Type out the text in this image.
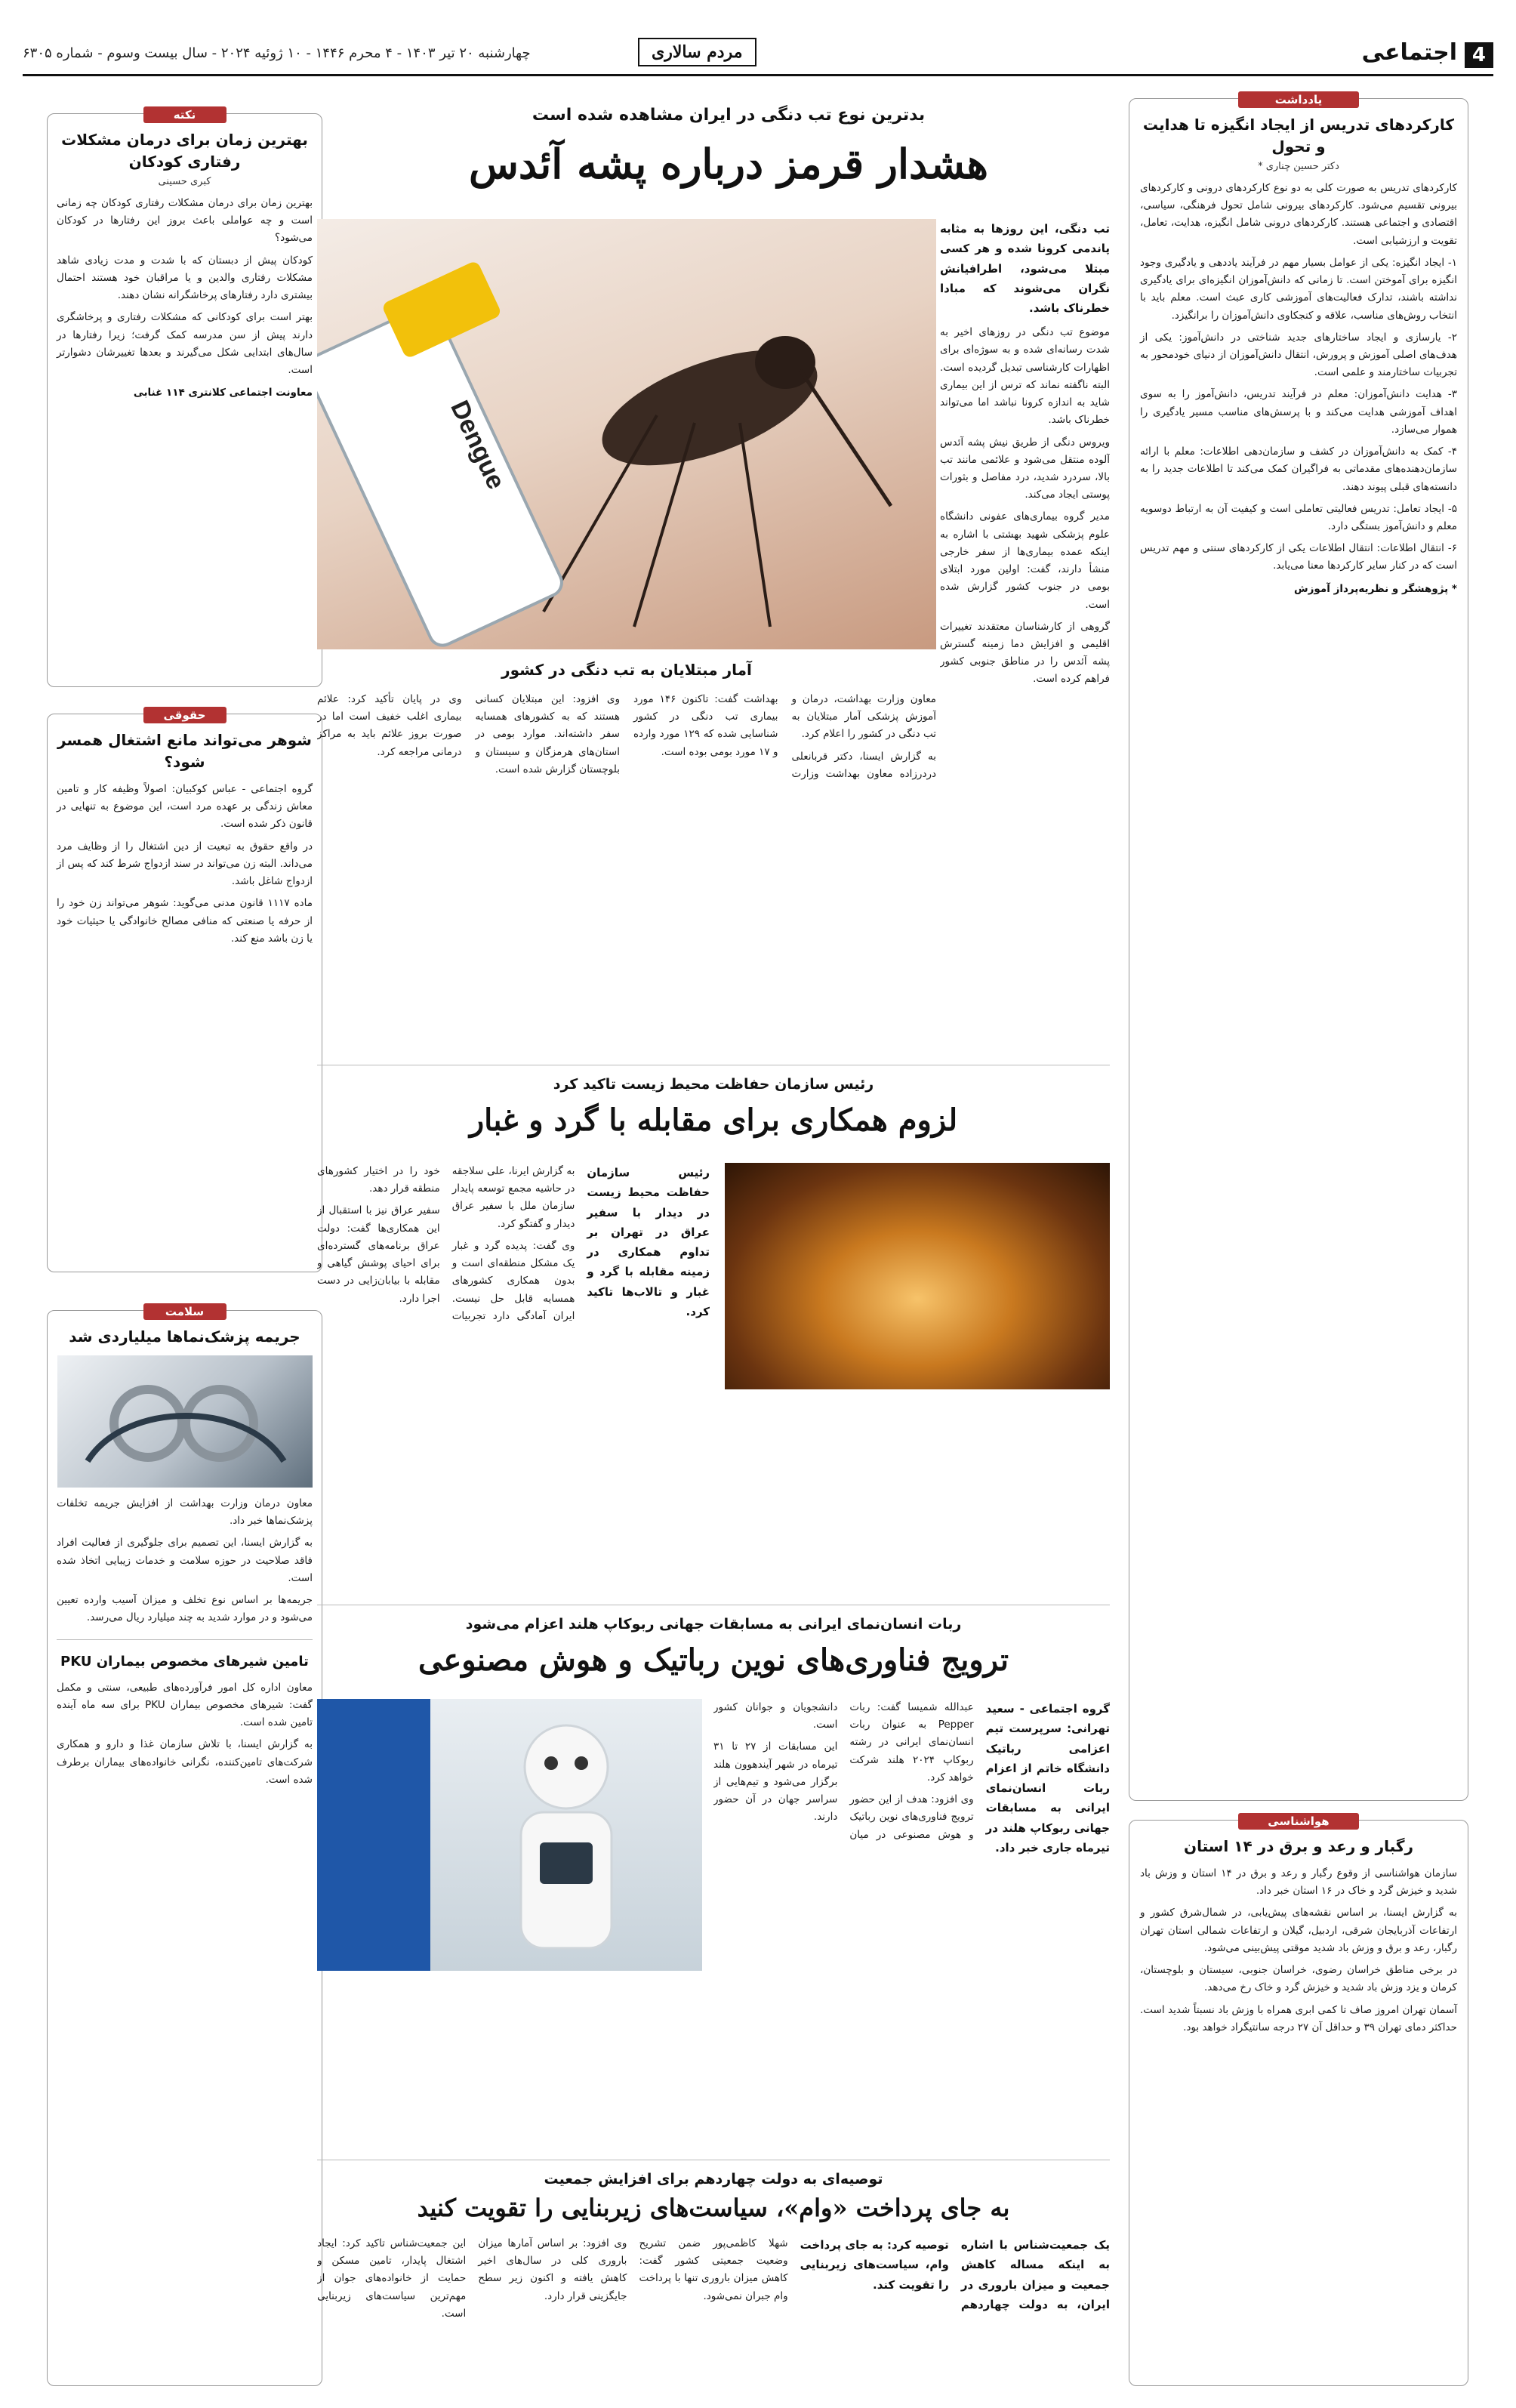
4
اجتماعی
مردم سالاری
چهارشنبه ۲۰ تیر ۱۴۰۳ - ۴ محرم ۱۴۴۶ - ۱۰ ژوئیه ۲۰۲۴ - سال بیست وسوم - شماره ۶۳۰۵
یادداشت
کارکردهای تدریس از ایجاد انگیزه تا هدایت و تحول
دکتر حسین چناری *
کارکردهای تدریس به صورت کلی به دو نوع کارکردهای درونی و کارکردهای بیرونی تقسیم می‌شود. کارکردهای بیرونی شامل تحول فرهنگی، سیاسی، اقتصادی و اجتماعی هستند. کارکردهای درونی شامل انگیزه، هدایت، تعامل، تقویت و ارزشیابی است.
۱- ایجاد انگیزه: یکی از عوامل بسیار مهم در فرآیند یاددهی و یادگیری وجود انگیزه برای آموختن است. تا زمانی که دانش‌آموزان انگیزه‌ای برای یادگیری نداشته باشند، تدارک فعالیت‌های آموزشی کاری عبث است. معلم باید با انتخاب روش‌های مناسب، علاقه و کنجکاوی دانش‌آموزان را برانگیزد.
۲- یارسازی و ایجاد ساختارهای جدید شناختی در دانش‌آموز: یکی از هدف‌های اصلی آموزش و پرورش، انتقال دانش‌آموزان از دنیای خودمحور به تجربیات ساختارمند و علمی است.
۳- هدایت دانش‌آموزان: معلم در فرآیند تدریس، دانش‌آموز را به سوی اهداف آموزشی هدایت می‌کند و با پرسش‌های مناسب مسیر یادگیری را هموار می‌سازد.
۴- کمک به دانش‌آموزان در کشف و سازمان‌دهی اطلاعات: معلم با ارائه سازمان‌دهنده‌های مقدماتی به فراگیران کمک می‌کند تا اطلاعات جدید را به دانسته‌های قبلی پیوند دهند.
۵- ایجاد تعامل: تدریس فعالیتی تعاملی است و کیفیت آن به ارتباط دوسویه معلم و دانش‌آموز بستگی دارد.
۶- انتقال اطلاعات: انتقال اطلاعات یکی از کارکردهای سنتی و مهم تدریس است که در کنار سایر کارکردها معنا می‌یابد.
* پژوهشگر و نظریه‌پرداز آموزش
هواشناسی
رگبار و رعد و برق در ۱۴ استان
سازمان هواشناسی از وقوع رگبار و رعد و برق در ۱۴ استان و وزش باد شدید و خیزش گرد و خاک در ۱۶ استان خبر داد.
به گزارش ایسنا، بر اساس نقشه‌های پیش‌یابی، در شمال‌شرق کشور و ارتفاعات آذربایجان شرقی، اردبیل، گیلان و ارتفاعات شمالی استان تهران رگبار، رعد و برق و وزش باد شدید موقتی پیش‌بینی می‌شود.
در برخی مناطق خراسان رضوی، خراسان جنوبی، سیستان و بلوچستان، کرمان و یزد وزش باد شدید و خیزش گرد و خاک رخ می‌دهد.
آسمان تهران امروز صاف تا کمی ابری همراه با وزش باد نسبتاً شدید است. حداکثر دمای تهران ۳۹ و حداقل آن ۲۷ درجه سانتیگراد خواهد بود.
نکته
بهترین زمان برای درمان مشکلات رفتاری کودکان
کبری حسینی
بهترین زمان برای درمان مشکلات رفتاری کودکان چه زمانی است و چه عواملی باعث بروز این رفتارها در کودکان می‌شود؟
کودکان پیش از دبستان که با شدت و مدت زیادی شاهد مشکلات رفتاری والدین و یا مراقبان خود هستند احتمال بیشتری دارد رفتارهای پرخاشگرانه نشان دهند.
بهتر است برای کودکانی که مشکلات رفتاری و پرخاشگری دارند پیش از سن مدرسه کمک گرفت؛ زیرا رفتارها در سال‌های ابتدایی شکل می‌گیرند و بعدها تغییرشان دشوارتر است.
معاونت اجتماعی کلانتری ۱۱۴ غنابی
حقوقی
شوهر می‌تواند مانع اشتغال همسر شود؟
گروه اجتماعی - عباس کوکبیان: اصولاً وظیفه کار و تامین معاش زندگی بر عهده مرد است، این موضوع به تنهایی در قانون ذکر شده است.
در واقع حقوق به تبعیت از دین اشتغال را از وظایف مرد می‌داند. البته زن می‌تواند در سند ازدواج شرط کند که پس از ازدواج شاغل باشد.
ماده ۱۱۱۷ قانون مدنی می‌گوید: شوهر می‌تواند زن خود را از حرفه یا صنعتی که منافی مصالح خانوادگی یا حیثیات خود یا زن باشد منع کند.
سلامت
جریمه پزشک‌نماها میلیاردی شد
معاون درمان وزارت بهداشت از افزایش جریمه تخلفات پزشک‌نماها خبر داد.
به گزارش ایسنا، این تصمیم برای جلوگیری از فعالیت افراد فاقد صلاحیت در حوزه سلامت و خدمات زیبایی اتخاذ شده است.
جریمه‌ها بر اساس نوع تخلف و میزان آسیب وارده تعیین می‌شود و در موارد شدید به چند میلیارد ریال می‌رسد.
تامین شیرهای مخصوص بیماران PKU
معاون اداره کل امور فرآورده‌های طبیعی، سنتی و مکمل گفت: شیرهای مخصوص بیماران PKU برای سه ماه آینده تامین شده است.
به گزارش ایسنا، با تلاش سازمان غذا و دارو و همکاری شرکت‌های تامین‌کننده، نگرانی خانواده‌های بیماران برطرف شده است.
بدترین نوع تب دنگی در ایران مشاهده شده است
هشدار قرمز درباره پشه آئدس
Dengue
تب دنگی، این روزها به مثابه پاندمی کرونا شده و هر کسی مبتلا می‌شود، اطرافیانش نگران می‌شوند که مبادا خطرناک باشد.
موضوع تب دنگی در روزهای اخیر به شدت رسانه‌ای شده و به سوژه‌ای برای اظهارات کارشناسی تبدیل گردیده است. البته ناگفته نماند که ترس از این بیماری شاید به اندازه کرونا نباشد اما می‌تواند خطرناک باشد.
ویروس دنگی از طریق نیش پشه آئدس آلوده منتقل می‌شود و علائمی مانند تب بالا، سردرد شدید، درد مفاصل و بثورات پوستی ایجاد می‌کند.
مدیر گروه بیماری‌های عفونی دانشگاه علوم پزشکی شهید بهشتی با اشاره به اینکه عمده بیماری‌ها از سفر خارجی منشأ دارند، گفت: اولین مورد ابتلای بومی در جنوب کشور گزارش شده است.
گروهی از کارشناسان معتقدند تغییرات اقلیمی و افزایش دما زمینه گسترش پشه آئدس را در مناطق جنوبی کشور فراهم کرده است.
آمار مبتلایان به تب دنگی در کشور
معاون وزارت بهداشت، درمان و آموزش پزشکی آمار مبتلایان به تب دنگی در کشور را اعلام کرد.
به گزارش ایسنا، دکتر قربانعلی دردرزاده معاون بهداشت وزارت بهداشت گفت: تاکنون ۱۴۶ مورد بیماری تب دنگی در کشور شناسایی شده که ۱۲۹ مورد وارده و ۱۷ مورد بومی بوده است.
وی افزود: این مبتلایان کسانی هستند که به کشورهای همسایه سفر داشته‌اند. موارد بومی در استان‌های هرمزگان و سیستان و بلوچستان گزارش شده است.
وی در پایان تأکید کرد: علائم بیماری اغلب خفیف است اما در صورت بروز علائم باید به مراکز درمانی مراجعه کرد.
رئیس سازمان حفاظت محیط زیست تاکید کرد
لزوم همکاری برای مقابله با گرد و غبار
رئیس سازمان حفاظت محیط زیست در دیدار با سفیر عراق در تهران بر تداوم همکاری در زمینه مقابله با گرد و غبار و تالاب‌ها تاکید کرد.
به گزارش ایرنا، علی سلاجقه در حاشیه مجمع توسعه پایدار سازمان ملل با سفیر عراق دیدار و گفتگو کرد.
وی گفت: پدیده گرد و غبار یک مشکل منطقه‌ای است و بدون همکاری کشورهای همسایه قابل حل نیست. ایران آمادگی دارد تجربیات خود را در اختیار کشورهای منطقه قرار دهد.
سفیر عراق نیز با استقبال از این همکاری‌ها گفت: دولت عراق برنامه‌های گسترده‌ای برای احیای پوشش گیاهی و مقابله با بیابان‌زایی در دست اجرا دارد.
ربات انسان‌نمای ایرانی به مسابقات جهانی ربوکاپ هلند اعزام می‌شود
ترویج فناوری‌های نوین رباتیک و هوش مصنوعی
گروه اجتماعی - سعید تهرانی: سرپرست تیم اعزامی رباتیک دانشگاه خاتم از اعزام ربات انسان‌نمای ایرانی به مسابقات جهانی ربوکاپ هلند در تیرماه جاری خبر داد.
عبدالله شمیسا گفت: ربات Pepper به عنوان ربات انسان‌نمای ایرانی در رشته ربوکاپ ۲۰۲۴ هلند شرکت خواهد کرد.
وی افزود: هدف از این حضور ترویج فناوری‌های نوین رباتیک و هوش مصنوعی در میان دانشجویان و جوانان کشور است.
این مسابقات از ۲۷ تا ۳۱ تیرماه در شهر آیندهوون هلند برگزار می‌شود و تیم‌هایی از سراسر جهان در آن حضور دارند.
توصیه‌ای به دولت چهاردهم برای افزایش جمعیت
به جای پرداخت «وام»، سیاست‌های زیربنایی را تقویت کنید
یک جمعیت‌شناس با اشاره به اینکه مساله کاهش جمعیت و میزان باروری در ایران، به دولت چهاردهم توصیه کرد: به جای پرداخت وام، سیاست‌های زیربنایی را تقویت کند.
شهلا کاظمی‌پور ضمن تشریح وضعیت جمعیتی کشور گفت: کاهش میزان باروری تنها با پرداخت وام جبران نمی‌شود.
وی افزود: بر اساس آمارها میزان باروری کلی در سال‌های اخیر کاهش یافته و اکنون زیر سطح جایگزینی قرار دارد.
این جمعیت‌شناس تاکید کرد: ایجاد اشتغال پایدار، تامین مسکن و حمایت از خانواده‌های جوان از مهم‌ترین سیاست‌های زیربنایی است.
